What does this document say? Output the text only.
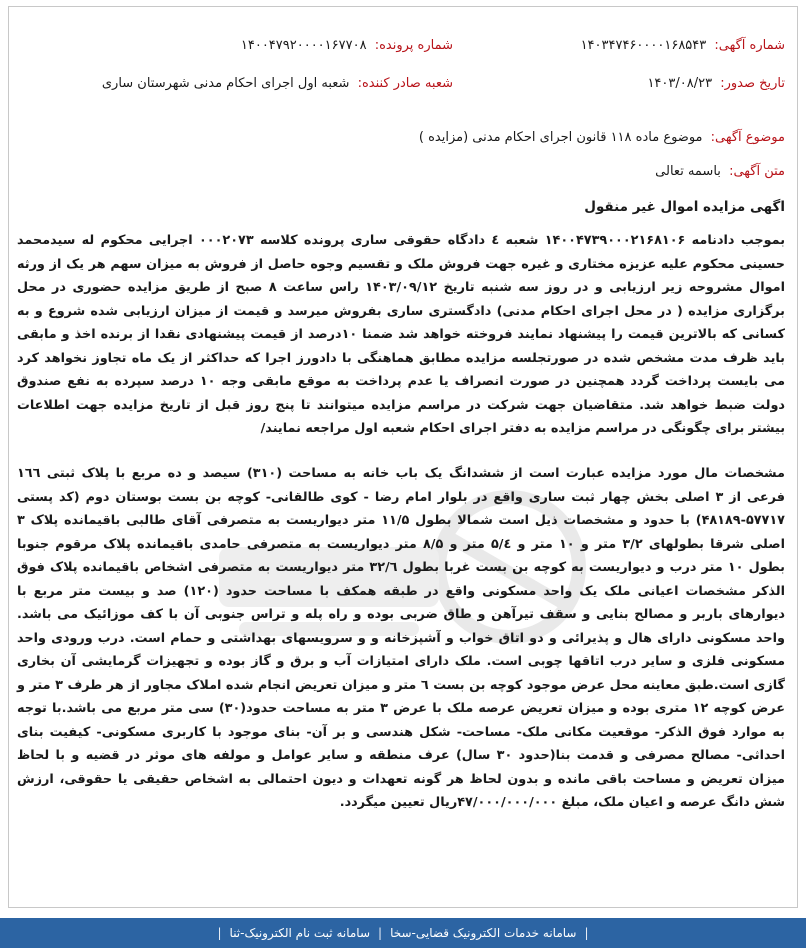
شماره آگهی: ۱۴۰۳۴۷۴۶۰۰۰۰۱۶۸۵۴۳
شماره پرونده: ۱۴۰۰۴۷۹۲۰۰۰۰۱۶۷۷۰۸
تاریخ صدور: ۱۴۰۳/۰۸/۲۳
شعبه صادر کننده: شعبه اول اجرای احکام مدنی شهرستان ساری
موضوع آگهی: موضوع ماده ۱۱۸ قانون اجرای احکام مدنی (مزایده )
متن آگهی: باسمه تعالی
اگهی مزایده اموال غیر منقول
بموجب دادنامه ۱۴۰۰۴۷۳۹۰۰۰۲۱۶۸۱۰۶ شعبه ٤ دادگاه حقوقی ساری پرونده کلاسه ۰۰۰۲۰۷۳ اجرایی محکوم له سیدمحمد حسینی محکوم علیه عزیزه مختاری و غیره جهت فروش ملک و تقسیم وجوه حاصل از فروش به میزان سهم هر یک از ورثه اموال مشروحه زیر ارزیابی و در روز سه شنبه تاریخ ۱۴۰۳/۰۹/۱۲ راس ساعت ۸ صبح از طریق مزایده حضوری در محل برگزاری مزایده ( در محل اجرای احکام مدنی) دادگستری ساری بفروش میرسد و قیمت از میزان ارزیابی شده شروع و به کسانی که بالاترین قیمت را پیشنهاد نمایند فروخته خواهد شد ضمنا ۱۰درصد از قیمت پیشنهادی نقدا از برنده اخذ و مابقی باید ظرف مدت مشخص شده در صورتجلسه مزایده مطابق هماهنگی با دادورز اجرا که حداکثر از یک ماه تجاوز نخواهد کرد می بایست پرداخت گردد همچنین در صورت انصراف یا عدم پرداخت به موقع مابقی وجه ۱۰ درصد سپرده به نفع صندوق دولت ضبط خواهد شد. متقاضیان جهت شرکت در مراسم مزایده میتوانند تا پنج روز قبل از تاریخ مزایده جهت اطلاعات بیشتر برای چگونگی در مراسم مزایده به دفتر اجرای احکام شعبه اول مراجعه نمایند/
مشخصات مال مورد مزایده عبارت است از ششدانگ یک باب خانه به مساحت (۳۱۰) سیصد و ده مربع با پلاک ثبتی ١٦٦ فرعی از ۳ اصلی بخش چهار ثبت ساری واقع در بلوار امام رضا - کوی طالقانی- کوچه بن بست بوستان دوم (کد پستی ۵۷۷۱۷-۴۸۱۸۹) با حدود و مشخصات ذیل است شمالا بطول ۱۱/۵ متر دیواریست به متصرفی آقای طالبی باقیمانده پلاک ۳ اصلی شرقا بطولهای ۳/۲ متر و ۱۰ متر و ۵/٤ متر و ۸/۵ متر دیواریست به متصرفی حامدی باقیمانده پلاک مرقوم جنوبا بطول ۱۰ متر درب و دیواریست به کوچه بن بست غربا بطول ۳۲/٦ متر دیواریست به متصرفی اشخاص باقیمانده پلاک فوق الذکر مشخصات اعیانی ملک یک واحد مسکونی واقع در طبقه همکف با مساحت حدود (۱۲۰) صد و بیست متر مربع با دیوارهای باربر و مصالح بنایی و سقف تیرآهن و طاق ضربی بوده و راه پله و تراس جنوبی آن با کف موزائیک می باشد. واحد مسکونی دارای هال و پذیرائی و دو اتاق خواب و آشپزخانه و و سرویسهای بهداشتی و حمام است. درب ورودی واحد مسکونی فلزی و سایر درب اتاقها چوبی است. ملک دارای امتیازات آب و برق و گاز بوده و تجهیزات گرمایشی آن بخاری گازی است.طبق معاینه محل عرض موجود کوچه بن بست ٦ متر و میزان تعریض انجام شده املاک مجاور از هر طرف ۳ متر و عرض کوچه ۱۲ متری بوده و میزان تعریض عرصه ملک با عرض ۳ متر به مساحت حدود(۳۰) سی متر مربع می باشد.با توجه به موارد فوق الذکر- موقعیت مکانی ملک- مساحت- شکل هندسی و بر آن- بنای موجود با کاربری مسکونی- کیفیت بنای احداثی- مصالح مصرفی و قدمت بنا(حدود ۳۰ سال) عرف منطقه و سایر عوامل و مولفه های موثر در قضیه و با لحاظ میزان تعریض و مساحت باقی مانده و بدون لحاظ هر گونه تعهدات و دیون احتمالی به اشخاص حقیقی یا حقوقی، ارزش شش دانگ عرصه و اعیان ملک، مبلغ ۴۷/۰۰۰/۰۰۰/۰۰۰ریال تعیین میگردد.
|
سامانه خدمات الکترونیک قضایی-سخا
|
سامانه ثبت نام الکترونیک-ثنا
|
